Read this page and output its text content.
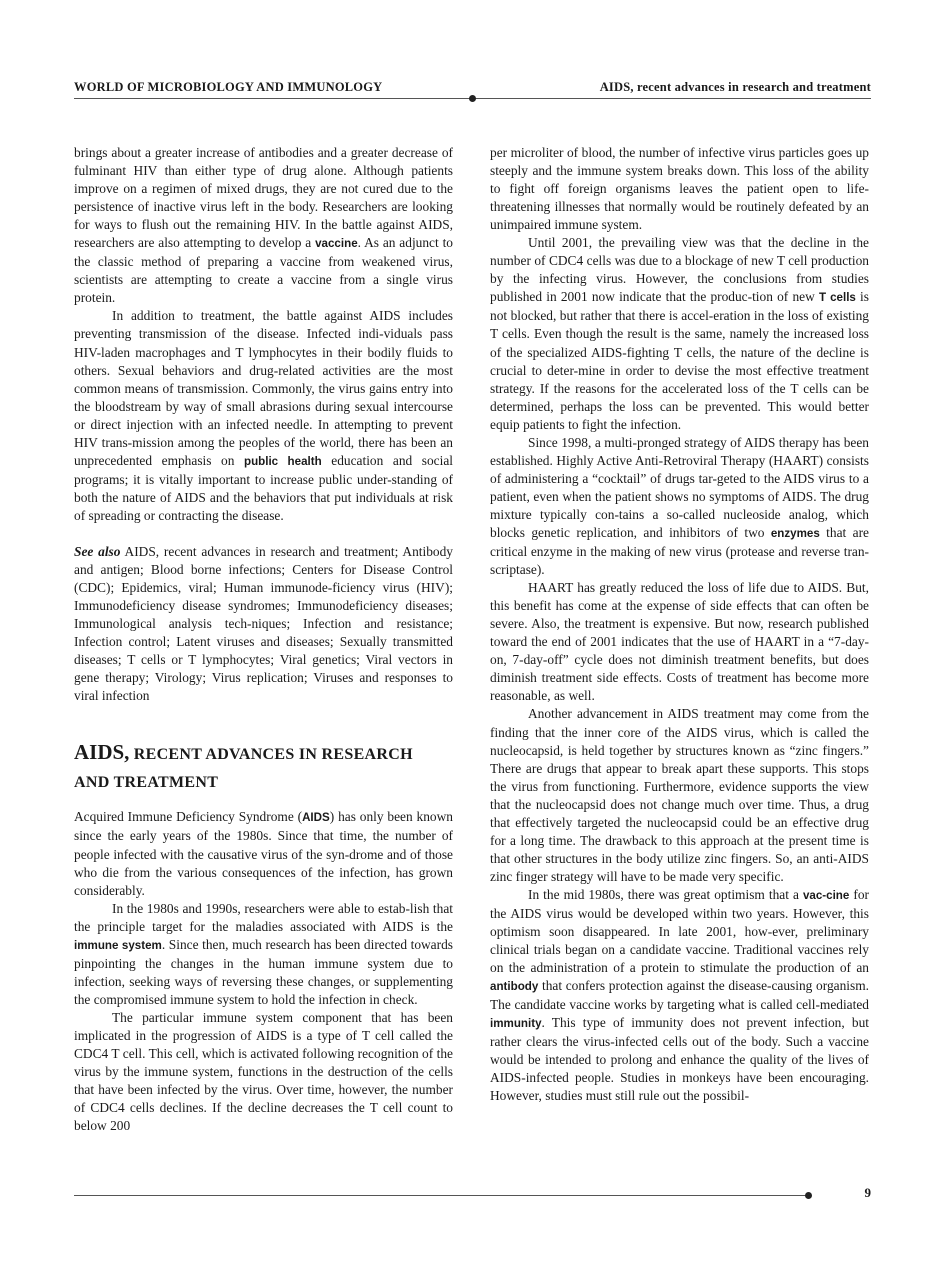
WORLD OF MICROBIOLOGY AND IMMUNOLOGY	AIDS, recent advances in research and treatment

brings about a greater increase of antibodies and a greater decrease of fulminant HIV than either type of drug alone. Although patients improve on a regimen of mixed drugs, they are not cured due to the persistence of inactive virus left in the body. Researchers are looking for ways to flush out the remaining HIV. In the battle against AIDS, researchers are also attempting to develop a vaccine. As an adjunct to the classic method of preparing a vaccine from weakened virus, scientists are attempting to create a vaccine from a single virus protein.

In addition to treatment, the battle against AIDS includes preventing transmission of the disease. Infected indi-viduals pass HIV-laden macrophages and T lymphocytes in their bodily fluids to others. Sexual behaviors and drug-related activities are the most common means of transmission. Commonly, the virus gains entry into the bloodstream by way of small abrasions during sexual intercourse or direct injection with an infected needle. In attempting to prevent HIV trans-mission among the peoples of the world, there has been an unprecedented emphasis on public health education and social programs; it is vitally important to increase public under-standing of both the nature of AIDS and the behaviors that put individuals at risk of spreading or contracting the disease.

See also AIDS, recent advances in research and treatment; Antibody and antigen; Blood borne infections; Centers for Disease Control (CDC); Epidemics, viral; Human immunode-ficiency virus (HIV); Immunodeficiency disease syndromes; Immunodeficiency diseases; Immunological analysis tech-niques; Infection and resistance; Infection control; Latent viruses and diseases; Sexually transmitted diseases; T cells or T lymphocytes; Viral genetics; Viral vectors in gene therapy; Virology; Virus replication; Viruses and responses to viral infection

AIDS, RECENT ADVANCES IN RESEARCH
AND TREATMENT

Acquired Immune Deficiency Syndrome (AIDS) has only been known since the early years of the 1980s. Since that time, the number of people infected with the causative virus of the syn-drome and of those who die from the various consequences of the infection, has grown considerably.

In the 1980s and 1990s, researchers were able to estab-lish that the principle target for the maladies associated with AIDS is the immune system. Since then, much research has been directed towards pinpointing the changes in the human immune system due to infection, seeking ways of reversing these changes, or supplementing the compromised immune system to hold the infection in check.

The particular immune system component that has been implicated in the progression of AIDS is a type of T cell called the CDC4 T cell. This cell, which is activated following recognition of the virus by the immune system, functions in the destruction of the cells that have been infected by the virus. Over time, however, the number of CDC4 cells declines. If the decline decreases the T cell count to below 200

per microliter of blood, the number of infective virus particles goes up steeply and the immune system breaks down. This loss of the ability to fight off foreign organisms leaves the patient open to life-threatening illnesses that normally would be routinely defeated by an unimpaired immune system.

Until 2001, the prevailing view was that the decline in the number of CDC4 cells was due to a blockage of new T cell production by the infecting virus. However, the conclusions from studies published in 2001 now indicate that the produc-tion of new T cells is not blocked, but rather that there is accel-eration in the loss of existing T cells. Even though the result is the same, namely the increased loss of the specialized AIDS-fighting T cells, the nature of the decline is crucial to deter-mine in order to devise the most effective treatment strategy. If the reasons for the accelerated loss of the T cells can be determined, perhaps the loss can be prevented. This would better equip patients to fight the infection.

Since 1998, a multi-pronged strategy of AIDS therapy has been established. Highly Active Anti-Retroviral Therapy (HAART) consists of administering a “cocktail” of drugs tar-geted to the AIDS virus to a patient, even when the patient shows no symptoms of AIDS. The drug mixture typically con-tains a so-called nucleoside analog, which blocks genetic replication, and inhibitors of two enzymes that are critical enzyme in the making of new virus (protease and reverse tran-scriptase).

HAART has greatly reduced the loss of life due to AIDS. But, this benefit has come at the expense of side effects that can often be severe. Also, the treatment is expensive. But now, research published toward the end of 2001 indicates that the use of HAART in a “7-day-on, 7-day-off” cycle does not diminish treatment benefits, but does diminish treatment side effects. Costs of treatment has become more reasonable, as well.

Another advancement in AIDS treatment may come from the finding that the inner core of the AIDS virus, which is called the nucleocapsid, is held together by structures known as “zinc fingers.” There are drugs that appear to break apart these supports. This stops the virus from functioning. Furthermore, evidence supports the view that the nucleocapsid does not change much over time. Thus, a drug that effectively targeted the nucleocapsid could be an effective drug for a long time. The drawback to this approach at the present time is that other structures in the body utilize zinc fingers. So, an anti-AIDS zinc finger strategy will have to be made very specific.

In the mid 1980s, there was great optimism that a vac-cine for the AIDS virus would be developed within two years. However, this optimism soon disappeared. In late 2001, how-ever, preliminary clinical trials began on a candidate vaccine. Traditional vaccines rely on the administration of a protein to stimulate the production of an antibody that confers protection against the disease-causing organism. The candidate vaccine works by targeting what is called cell-mediated immunity. This type of immunity does not prevent infection, but rather clears the virus-infected cells out of the body. Such a vaccine would be intended to prolong and enhance the quality of the lives of AIDS-infected people. Studies in monkeys have been encouraging. However, studies must still rule out the possibil-

9
